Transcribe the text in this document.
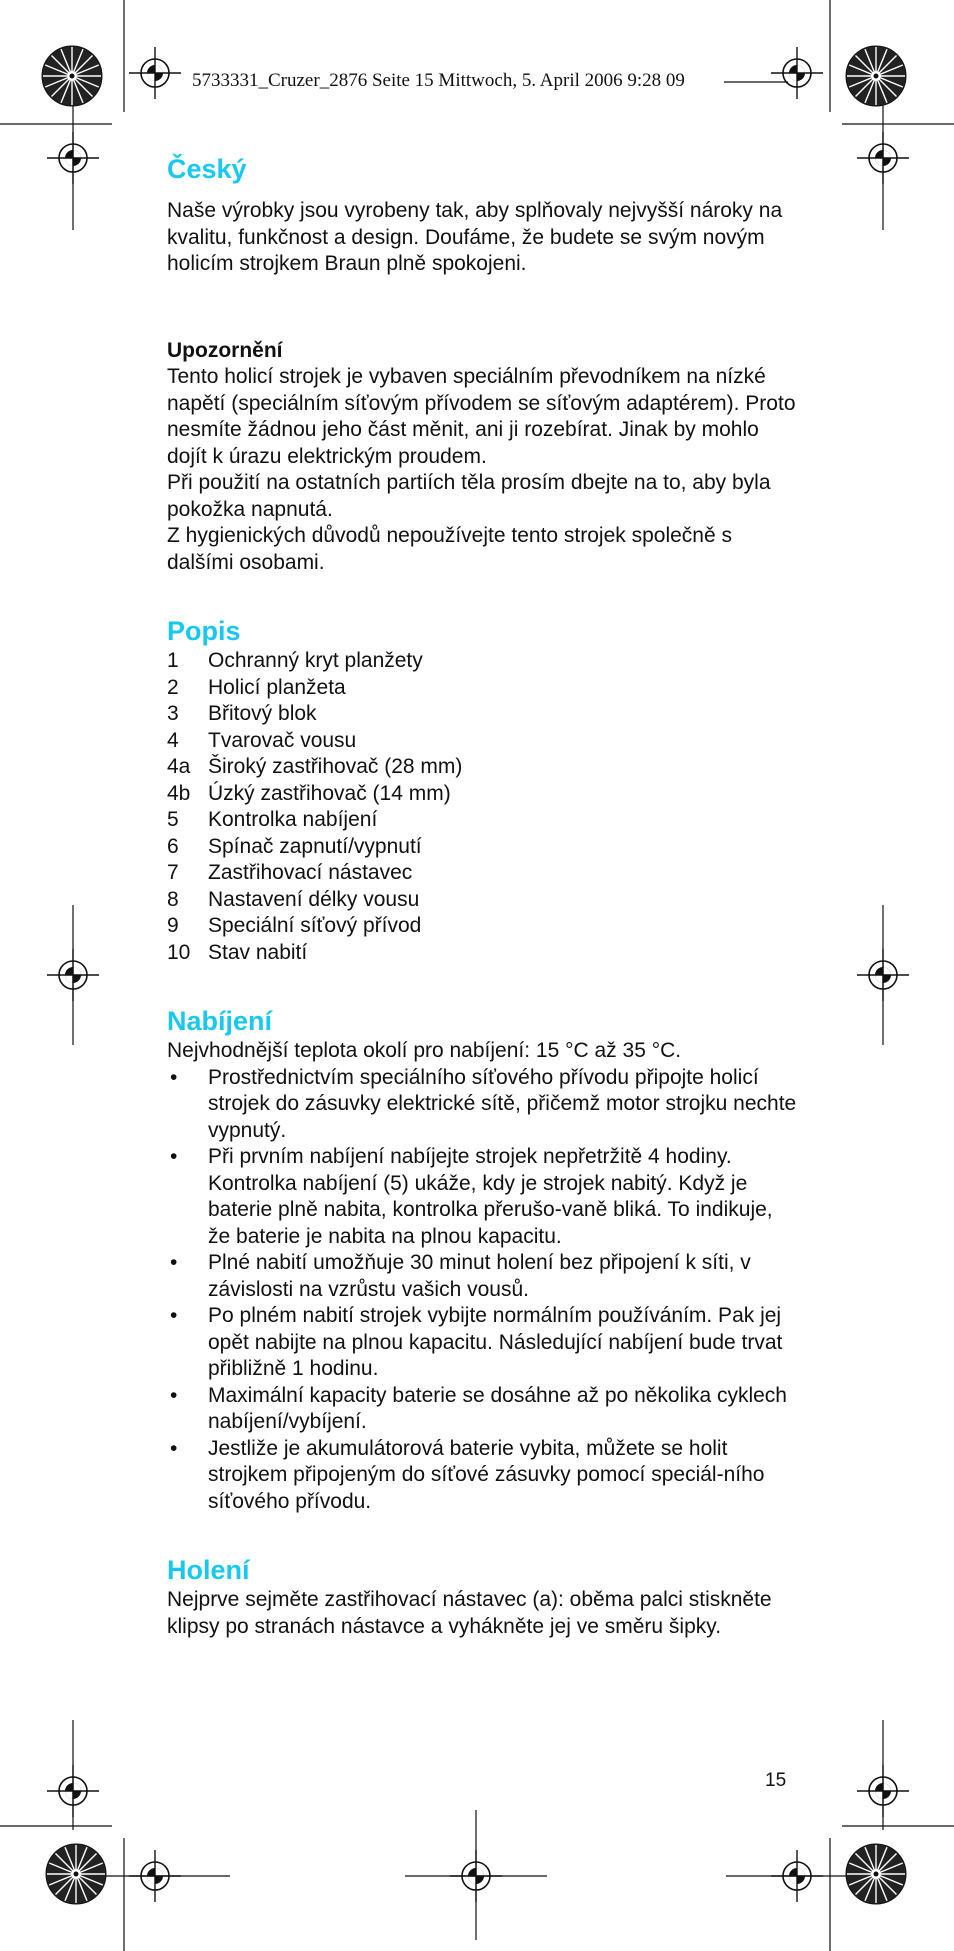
5733331_Cruzer_2876 Seite 15 Mittwoch, 5. April 2006 9:28 09
Český

Naše výrobky jsou vyrobeny tak, aby splňovaly nejvyšší nároky na kvalitu, funkčnost a design. Doufáme, že budete se svým novým holicím strojkem Braun plně spokojeni.

Upozornění

Tento holicí strojek je vybaven speciálním převodníkem na nízké napětí (speciálním síťovým přívodem se síťovým adaptérem). Proto nesmíte žádnou jeho část měnit, ani ji rozebírat. Jinak by mohlo dojít k úrazu elektrickým proudem.

Při použití na ostatních partiích těla prosím dbejte na to, aby byla pokožka napnutá.

Z hygienických důvodů nepoužívejte tento strojek společně s dalšími osobami.

Popis
1	Ochranný kryt planžety
2	Holicí planžeta
3	Břitový blok
4	Tvarovač vousu
4a Široký zastřihovač (28 mm)
4b Úzký zastřihovač (14 mm)
5	Kontrolka nabíjení
6	Spínač zapnutí/vypnutí
7	Zastřihovací nástavec
8	Nastavení délky vousu
9	Speciální síťový přívod
10 Stav nabití
Nabíjení

Nejvhodnější teplota okolí pro nabíjení: 15 °C až 35 °C.

•	Prostřednictvím speciálního síťového přívodu připojte holicí strojek do zásuvky elektrické sítě, přičemž motor strojku nechte vypnutý.
•	Při prvním nabíjení nabíjejte strojek nepřetržitě 4 hodiny. Kontrolka nabíjení (5) ukáže, kdy je strojek nabitý. Když je baterie plně nabita, kontrolka přerušo-vaně bliká. To indikuje, že baterie je nabita na plnou kapacitu.
•	Plné nabití umožňuje 30 minut holení bez připojení k síti, v závislosti na vzrůstu vašich vousů.
•	Po plném nabití strojek vybijte normálním používáním. Pak jej opět nabijte na plnou kapacitu. Následující nabíjení bude trvat přibližně 1 hodinu.
•	Maximální kapacity baterie se dosáhne až po několika cyklech nabíjení/vybíjení.
•	Jestliže je akumulátorová baterie vybita, můžete se holit strojkem připojeným do síťové zásuvky pomocí speciál-ního síťového přívodu.
Holení

Nejprve sejměte zastřihovací nástavec (a): oběma palci stiskněte klipsy po stranách nástavce a vyhákněte jej ve směru šipky.

15
